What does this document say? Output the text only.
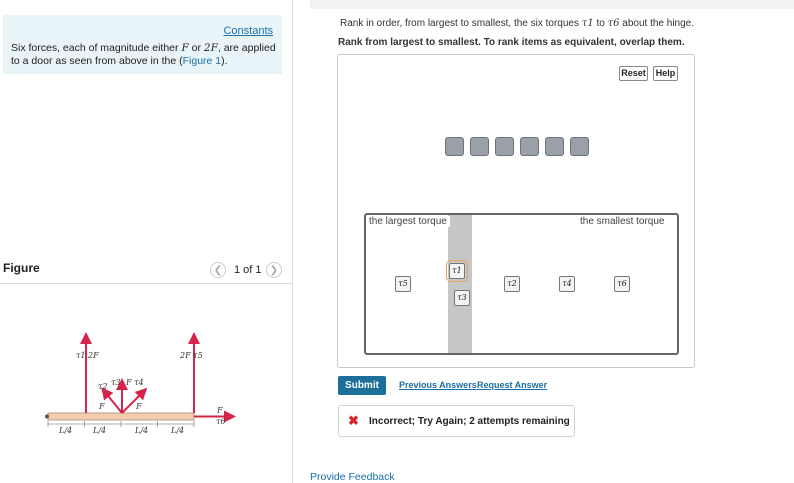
Constants
Six forces, each of magnitude either F or 2F, are applied to a door as seen from above in the (Figure 1).
Figure	❮	1 of 1 ❯
τ1 2F	2F τ5
τ2 τ3 F τ4
F	F	F
τ6
L/4	L/4	L/4	L/4
Rank in order, from largest to smallest, the six torques τ1 to τ6 about the hinge.
Rank from largest to smallest. To rank items as equivalent, overlap them.
Reset	Help
the largest torque	the smallest torque
τ5
τ1
τ3
τ2	τ4	τ6
Submit	Previous Answers Request Answer
✖ Incorrect; Try Again; 2 attempts remaining
Provide Feedback
